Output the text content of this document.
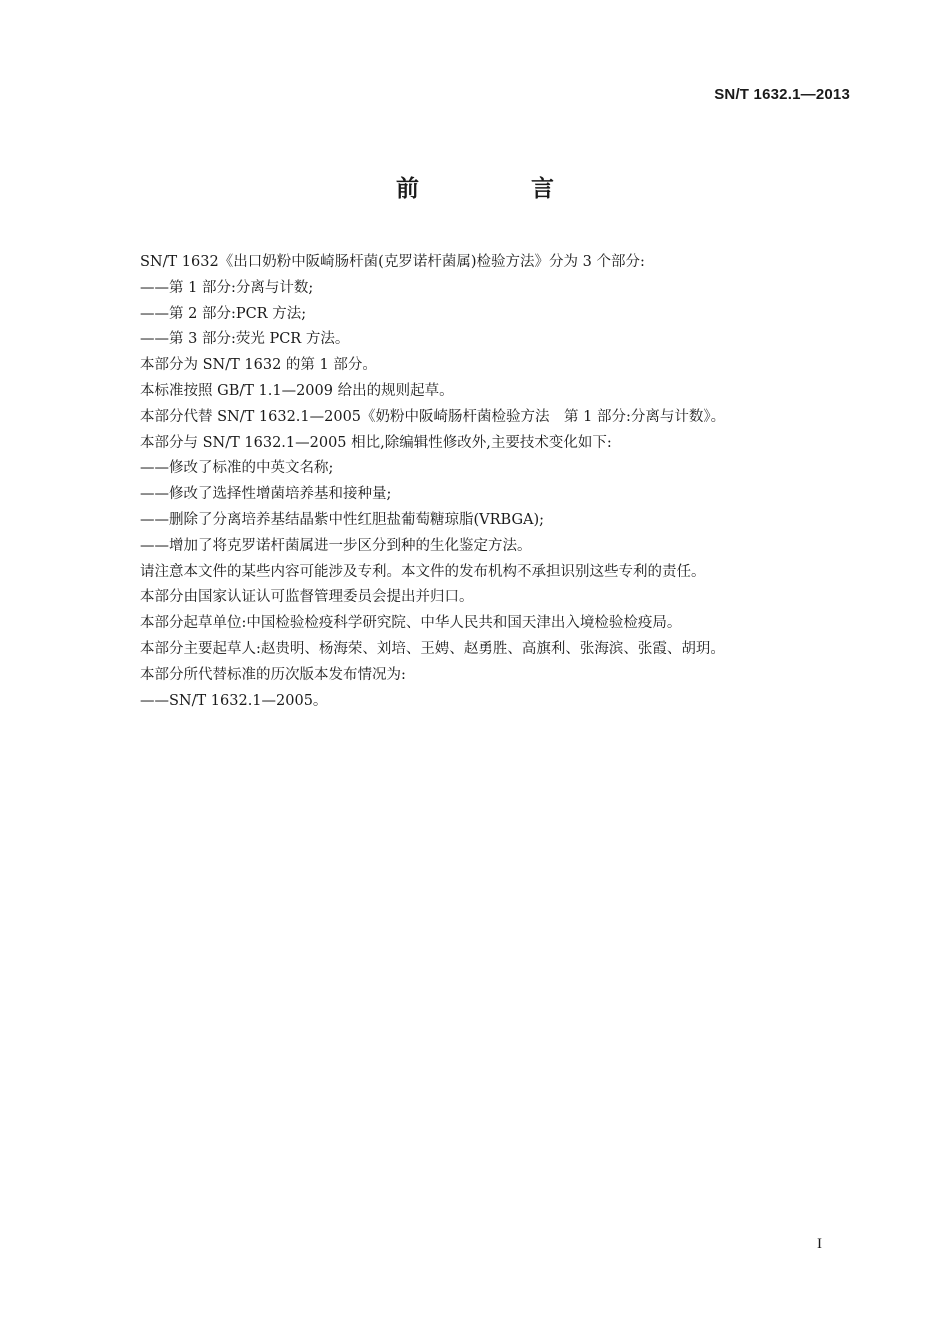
SN/T 1632.1—2013
前 言
SN/T 1632《出口奶粉中阪崎肠杆菌(克罗诺杆菌属)检验方法》分为 3 个部分:
——第 1 部分:分离与计数;
——第 2 部分:PCR 方法;
——第 3 部分:荧光 PCR 方法。
本部分为 SN/T 1632 的第 1 部分。
本标准按照 GB/T 1.1—2009 给出的规则起草。
本部分代替 SN/T 1632.1—2005《奶粉中阪崎肠杆菌检验方法　第 1 部分:分离与计数》。
本部分与 SN/T 1632.1—2005 相比,除编辑性修改外,主要技术变化如下:
——修改了标准的中英文名称;
——修改了选择性增菌培养基和接种量;
——删除了分离培养基结晶紫中性红胆盐葡萄糖琼脂(VRBGA);
——增加了将克罗诺杆菌属进一步区分到种的生化鉴定方法。
请注意本文件的某些内容可能涉及专利。本文件的发布机构不承担识别这些专利的责任。
本部分由国家认证认可监督管理委员会提出并归口。
本部分起草单位:中国检验检疫科学研究院、中华人民共和国天津出入境检验检疫局。
本部分主要起草人:赵贵明、杨海荣、刘培、王娉、赵勇胜、高旗利、张海滨、张霞、胡玥。
本部分所代替标准的历次版本发布情况为:
——SN/T 1632.1—2005。
I
